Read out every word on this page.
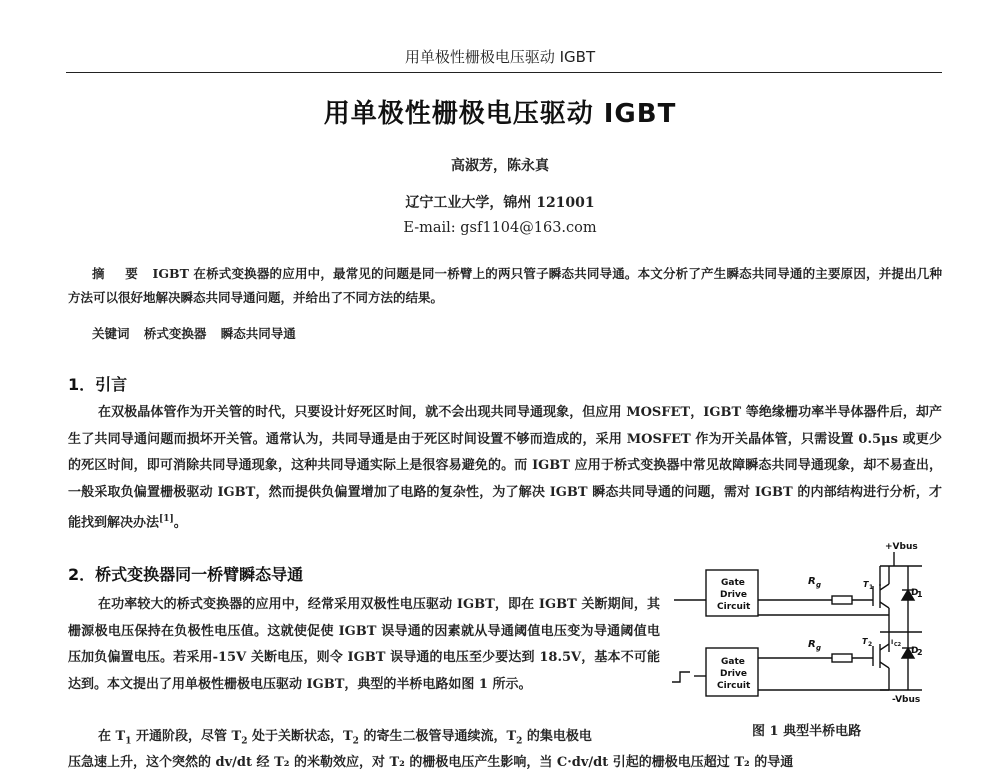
用单极性栅极电压驱动 IGBT
用单极性栅极电压驱动 IGBT
高淑芳，陈永真
辽宁工业大学，锦州 121001
E-mail: gsf1104@163.com
摘 要 IGBT 在桥式变换器的应用中，最常见的问题是同一桥臂上的两只管子瞬态共同导通。本文分析了产生瞬态共同导通的主要原因，并提出几种方法可以很好地解决瞬态共同导通问题，并给出了不同方法的结果。
关键词 桥式变换器 瞬态共同导通
1．引言
在双极晶体管作为开关管的时代，只要设计好死区时间，就不会出现共同导通现象，但应用 MOSFET，IGBT 等绝缘栅功率半导体器件后，却产生了共同导通问题而损坏开关管。通常认为，共同导通是由于死区时间设置不够而造成的，采用 MOSFET 作为开关晶体管，只需设置 0.5μs 或更少的死区时间，即可消除共同导通现象，这种共同导通实际上是很容易避免的。而 IGBT 应用于桥式变换器中常见故障瞬态共同导通现象，却不易查出，一般采取负偏置栅极驱动 IGBT，然而提供负偏置增加了电路的复杂性，为了解决 IGBT 瞬态共同导通的问题，需对 IGBT 的内部结构进行分析，才能找到解决办法[1]。
2．桥式变换器同一桥臂瞬态导通
在功率较大的桥式变换器的应用中，经常采用双极性电压驱动 IGBT，即在 IGBT 关断期间，其栅源极电压保持在负极性电压值。这就使促使 IGBT 误导通的因素就从导通阈值电压变为导通阈值电压加负偏置电压。若采用-15V 关断电压，则令 IGBT 误导通的电压至少要达到 18.5V，基本不可能达到。本文提出了用单极性栅极电压驱动 IGBT，典型的半桥电路如图 1 所示。
在 $T_1$ 开通阶段，尽管 $T_2$ 处于关断状态，$T_2$ 的寄生二极管导通续流，$T_2$ 的集电极电
压急速上升，这个突然的 dv/dt 经 T₂ 的米勒效应，对 T₂ 的栅极电压产生影响，当 C·dv/dt 引起的栅极电压超过 T₂ 的导通
+Vbus
1
D
Gate
Drive
Circuit
R g	T 1
I C2
D
2
-Vbus
Gate
Drive
Circuit
R g
T 2
图 1 典型半桥电路
